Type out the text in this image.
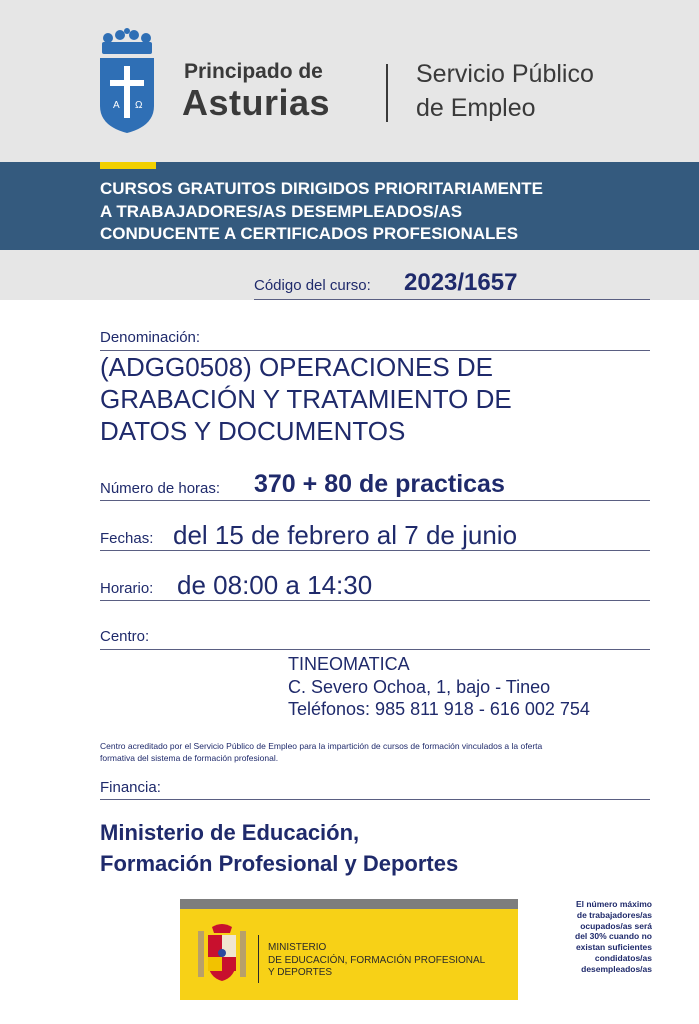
A Ω
Principado de
Asturias
Servicio Público
de Empleo
CURSOS GRATUITOS DIRIGIDOS PRIORITARIAMENTE
A TRABAJADORES/AS DESEMPLEADOS/AS
CONDUCENTE A CERTIFICADOS PROFESIONALES
Código del curso: 2023/1657
Denominación:
(ADGG0508) OPERACIONES DE
GRABACIÓN Y TRATAMIENTO DE
DATOS Y DOCUMENTOS
Número de horas: 370 + 80 de practicas
Fechas: del 15 de febrero al 7 de junio
Horario: de 08:00 a 14:30
Centro:
TINEOMATICA
C. Severo Ochoa, 1, bajo - Tineo
Teléfonos: 985 811 918 - 616 002 754
Centro acreditado por el Servicio Público de Empleo para la impartición de cursos de formación vinculados a la oferta
formativa del sistema de formación profesional.
Financia:
Ministerio de Educación,
Formación Profesional y Deportes
MINISTERIO
DE EDUCACIÓN, FORMACIÓN PROFESIONAL
Y DEPORTES
El número máximo
de trabajadores/as
ocupados/as será
del 30% cuando no
existan suficientes
condidatos/as
desempleados/as
